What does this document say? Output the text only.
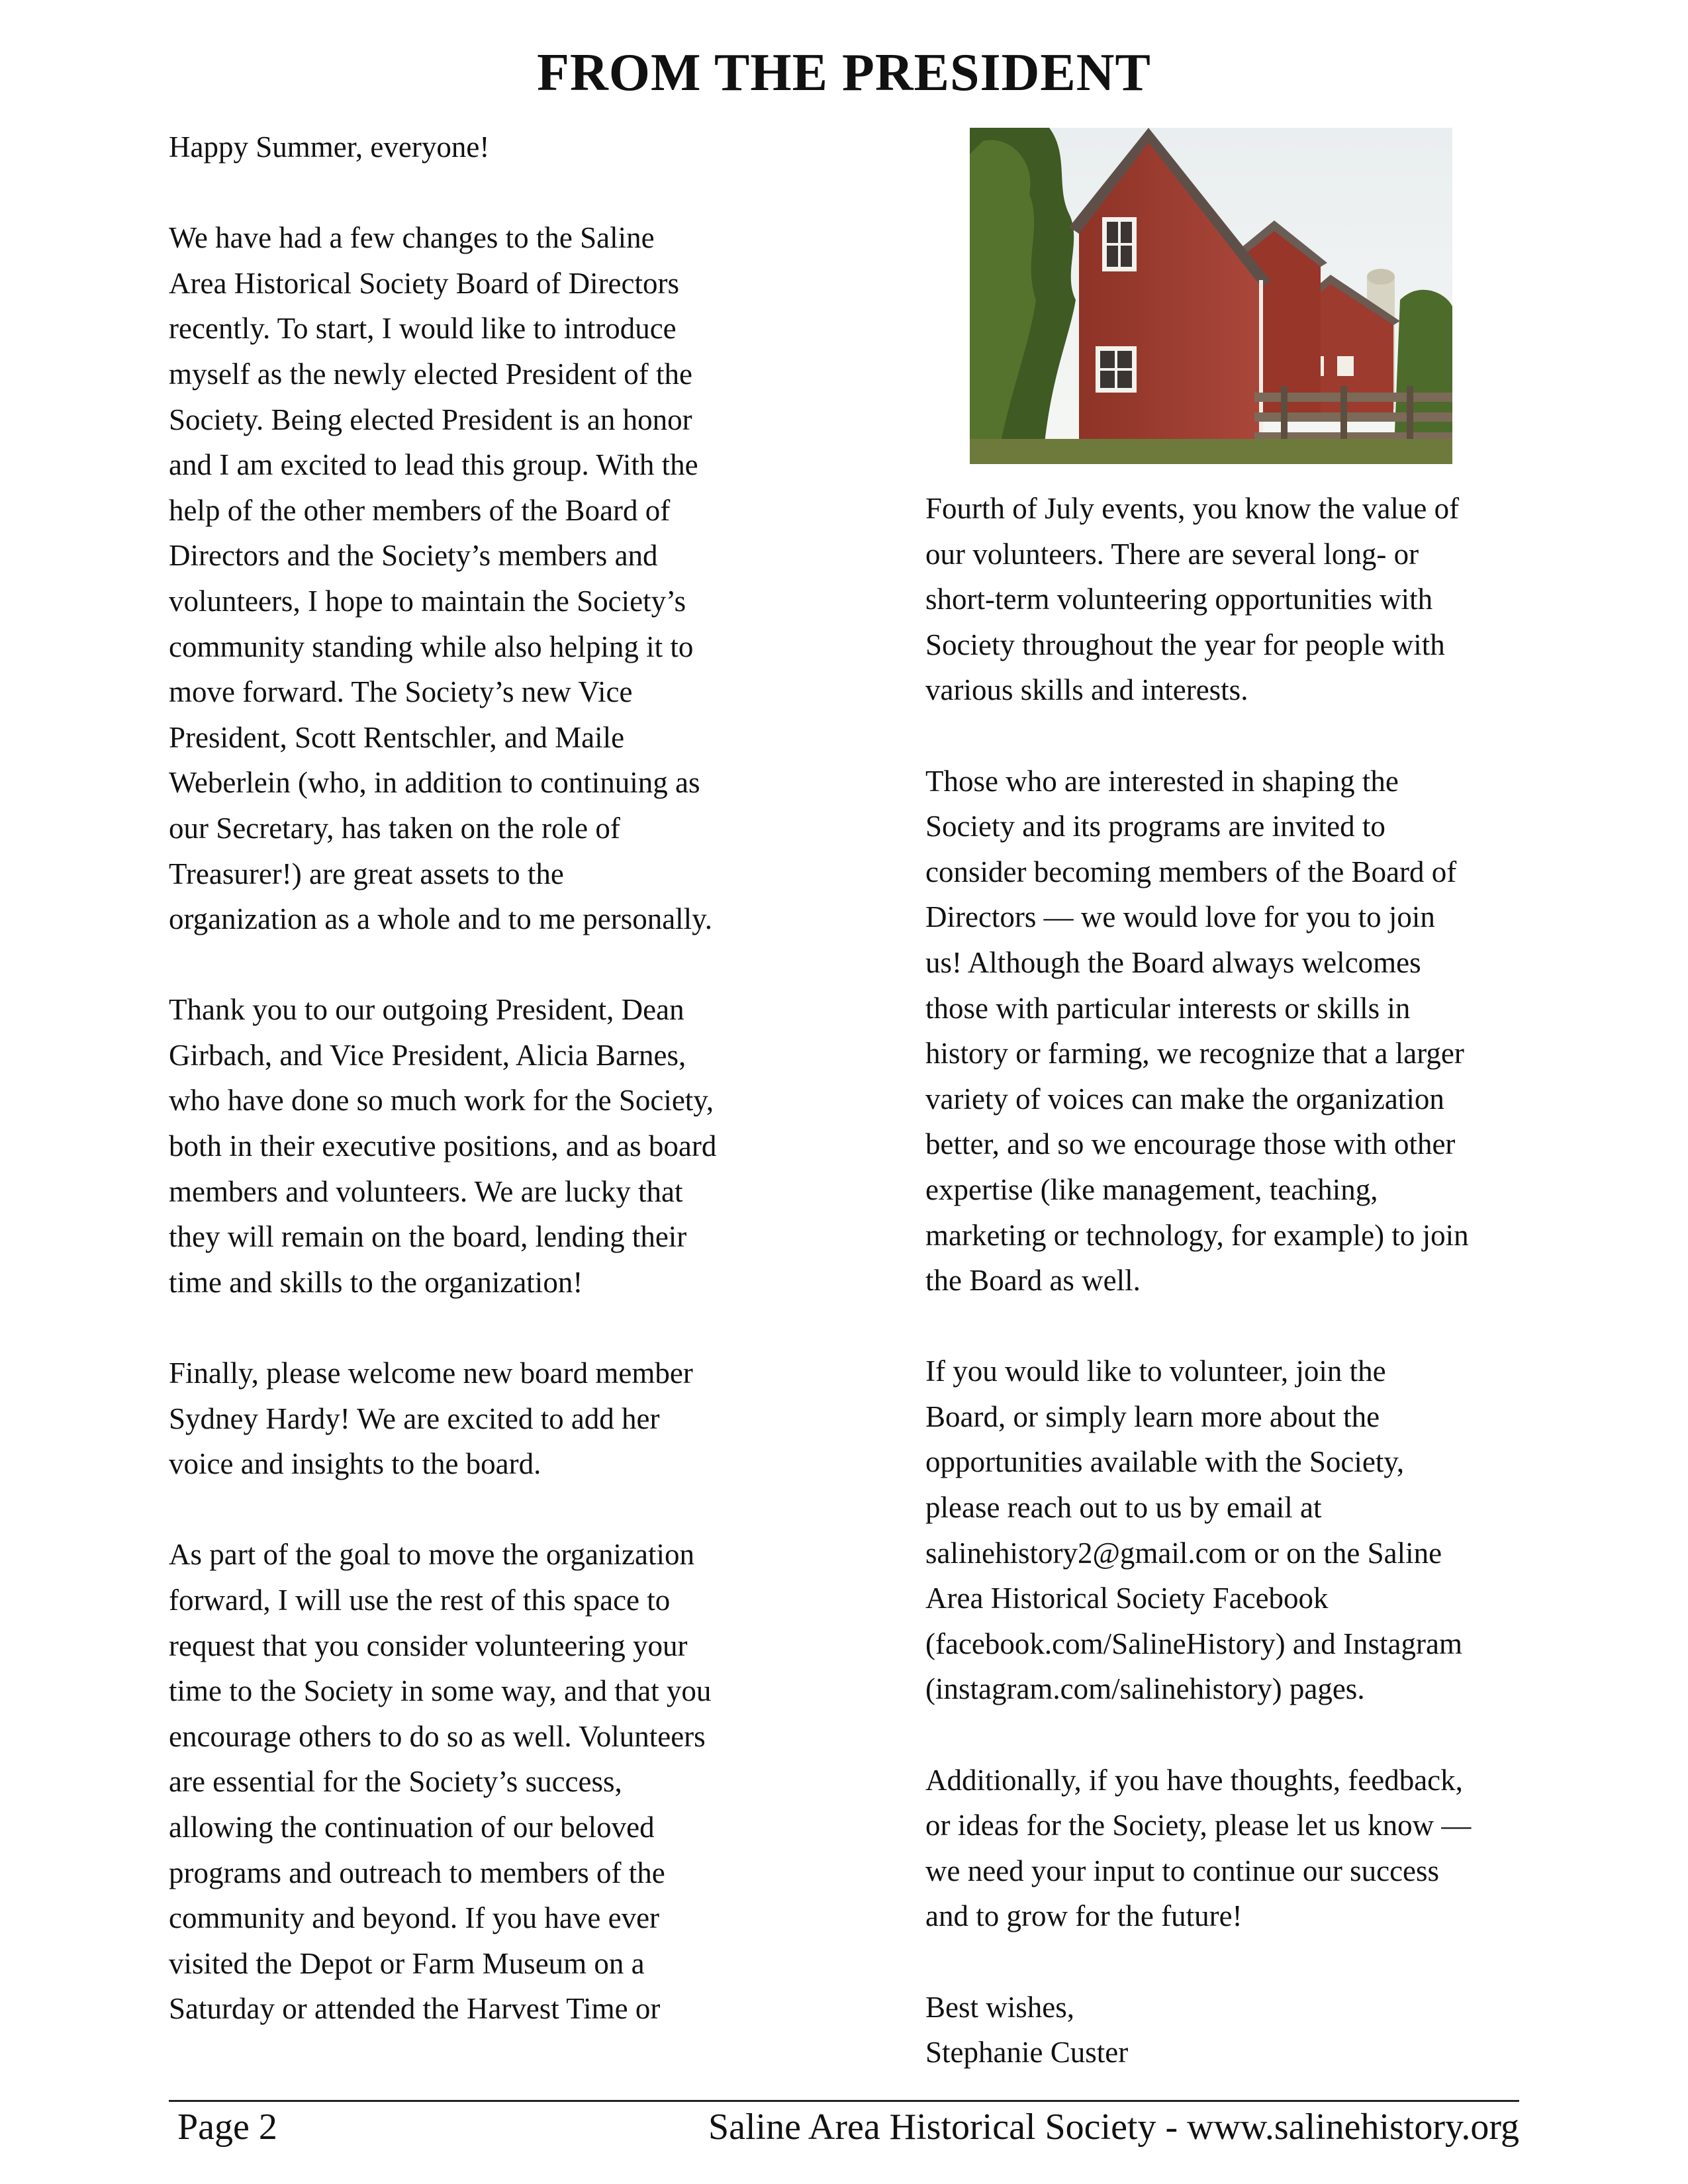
FROM THE PRESIDENT

Happy Summer, everyone!

We have had a few changes to the Saline
Area Historical Society Board of Directors
recently. To start, I would like to introduce
myself as the newly elected President of the
Society. Being elected President is an honor
and I am excited to lead this group. With the
help of the other members of the Board of
Directors and the Society’s members and
volunteers, I hope to maintain the Society’s
community standing while also helping it to
move forward. The Society’s new Vice
President, Scott Rentschler, and Maile
Weberlein (who, in addition to continuing as
our Secretary, has taken on the role of
Treasurer!) are great assets to the
organization as a whole and to me personally.

Thank you to our outgoing President, Dean
Girbach, and Vice President, Alicia Barnes,
who have done so much work for the Society,
both in their executive positions, and as board
members and volunteers. We are lucky that
they will remain on the board, lending their
time and skills to the organization!

Finally, please welcome new board member
Sydney Hardy! We are excited to add her
voice and insights to the board.

As part of the goal to move the organization
forward, I will use the rest of this space to
request that you consider volunteering your
time to the Society in some way, and that you
encourage others to do so as well. Volunteers
are essential for the Society’s success,
allowing the continuation of our beloved
programs and outreach to members of the
community and beyond. If you have ever
visited the Depot or Farm Museum on a
Saturday or attended the Harvest Time or

Fourth of July events, you know the value of
our volunteers. There are several long- or
short-term volunteering opportunities with
Society throughout the year for people with
various skills and interests.

Those who are interested in shaping the
Society and its programs are invited to
consider becoming members of the Board of
Directors — we would love for you to join
us! Although the Board always welcomes
those with particular interests or skills in
history or farming, we recognize that a larger
variety of voices can make the organization
better, and so we encourage those with other
expertise (like management, teaching,
marketing or technology, for example) to join
the Board as well.

If you would like to volunteer, join the
Board, or simply learn more about the
opportunities available with the Society,
please reach out to us by email at
salinehistory2@gmail.com or on the Saline
Area Historical Society Facebook
(facebook.com/SalineHistory) and Instagram
(instagram.com/salinehistory) pages.

Additionally, if you have thoughts, feedback,
or ideas for the Society, please let us know —
we need your input to continue our success
and to grow for the future!

Best wishes,
Stephanie Custer

Page 2	Saline Area Historical Society - www.salinehistory.org
